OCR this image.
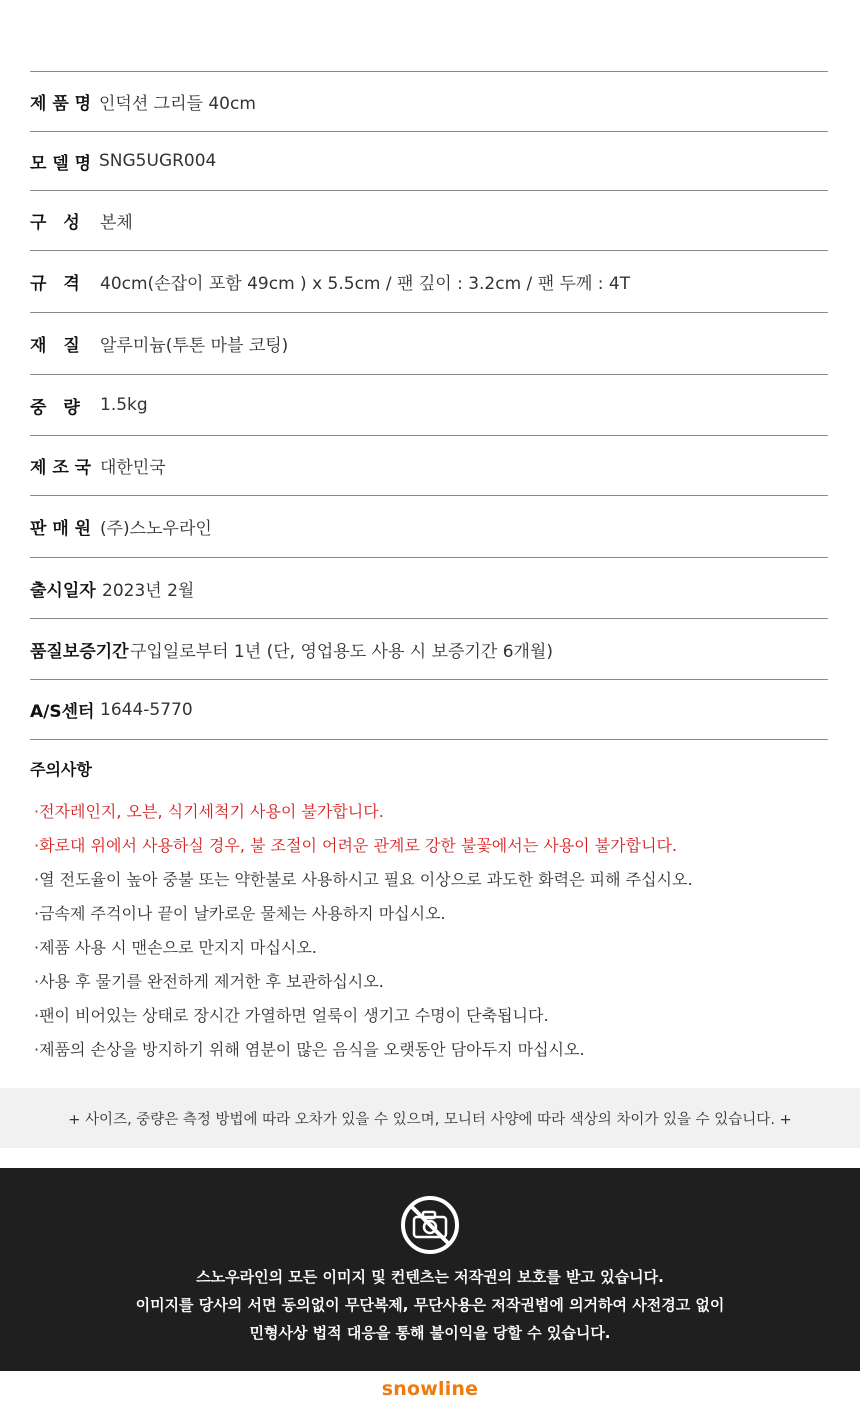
제 품 명 인덕션 그리들 40cm
모 델 명 SNG5UGR004
구　성	본체
규　격	40cm(손잡이 포함 49cm ) x 5.5cm / 팬 깊이 : 3.2cm / 팬 두께 : 4T
재　질	알루미늄(투톤 마블 코팅)
중　량	1.5kg
제 조 국 대한민국
판 매 원 (주)스노우라인
출시일자 2023년 2월
품질보증기간 구입일로부터 1년 (단, 영업용도 사용 시 보증기간 6개월)
A/S센터 1644-5770
주의사항
·전자레인지, 오븐, 식기세척기 사용이 불가합니다.
·화로대 위에서 사용하실 경우, 불 조절이 어려운 관계로 강한 불꽃에서는 사용이 불가합니다.
·열 전도율이 높아 중불 또는 약한불로 사용하시고 필요 이상으로 과도한 화력은 피해 주십시오.
·금속제 주걱이나 끝이 날카로운 물체는 사용하지 마십시오.
·제품 사용 시 맨손으로 만지지 마십시오.
·사용 후 물기를 완전하게 제거한 후 보관하십시오.
·팬이 비어있는 상태로 장시간 가열하면 얼룩이 생기고 수명이 단축됩니다.
·제품의 손상을 방지하기 위해 염분이 많은 음식을 오랫동안 담아두지 마십시오.
+ 사이즈, 중량은 측정 방법에 따라 오차가 있을 수 있으며, 모니터 사양에 따라 색상의 차이가 있을 수 있습니다. +
스노우라인의 모든 이미지 및 컨텐츠는 저작권의 보호를 받고 있습니다.
이미지를 당사의 서면 동의없이 무단복제, 무단사용은 저작권법에 의거하여 사전경고 없이
민형사상 법적 대응을 통해 불이익을 당할 수 있습니다.
snowline
